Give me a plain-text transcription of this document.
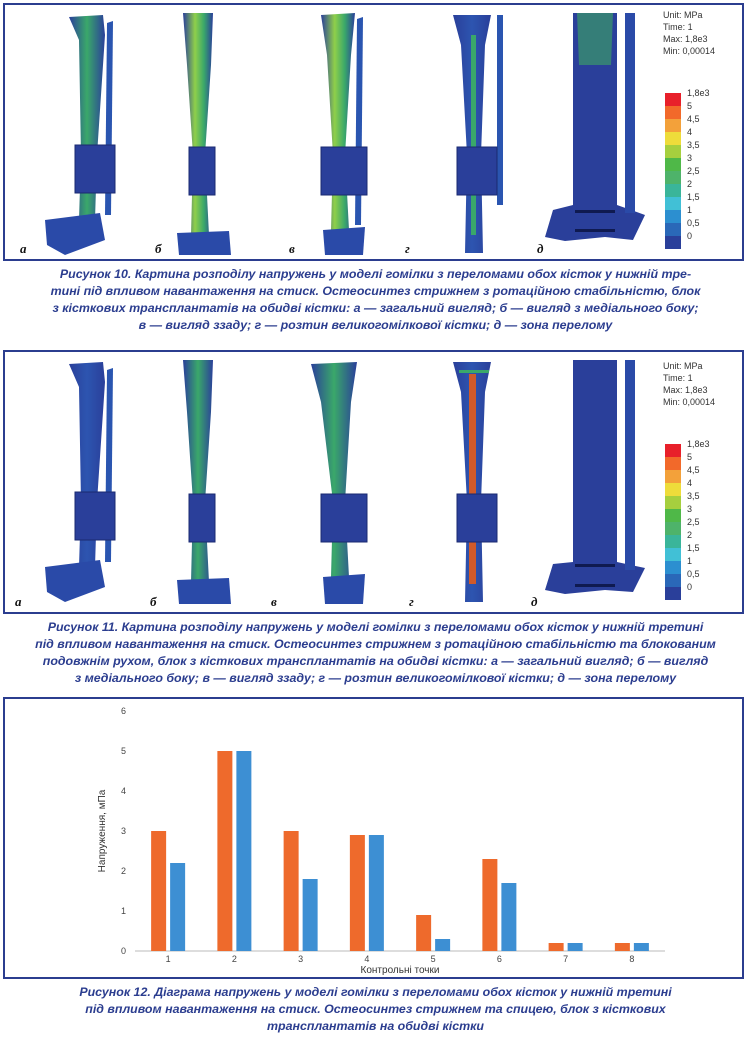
а	б	в	г	д
Unit: MPa
Time: 1
Max: 1,8e3
Min: 0,00014
1,8e3
5
4,5
4
3,5
3
2,5
2
1,5
1
0,5
0
Рисунок 10. Картина розподілу напружень у моделі гомілки з переломами обох кісток у нижній тре-
тині під впливом навантаження на стиск. Остеосинтез стрижнем з ротаційною стабільністю, блок
з кісткових трансплантатів на обидві кістки: а — загальний вигляд; б — вигляд з медіального боку;
в — вигляд ззаду; г — розтин великогомілкової кістки; д — зона перелому
а	б	в	г	д
Unit: MPa
Time: 1
Max: 1,8e3
Min: 0,00014
1,8e3
5
4,5
4
3,5
3
2,5
2
1,5
1
0,5
0
Рисунок 11. Картина розподілу напружень у моделі гомілки з переломами обох кісток у нижній третині
під впливом навантаження на стиск. Остеосинтез стрижнем з ротаційною стабільністю та блокованим
подовжнім рухом, блок з кісткових трансплантатів на обидві кістки: а — загальний вигляд; б — вигляд
з медіального боку; в — вигляд ззаду; г — розтин великогомілкової кістки; д — зона перелому
0
1
2
3
4
5
6
1	2	3	4	5	6	7	8
Контрольні точки
Напруження, мПа
Рисунок 12. Діаграма напружень у моделі гомілки з переломами обох кісток у нижній третині
під впливом навантаження на стиск. Остеосинтез стрижнем та спицею, блок з кісткових
трансплантатів на обидві кістки
